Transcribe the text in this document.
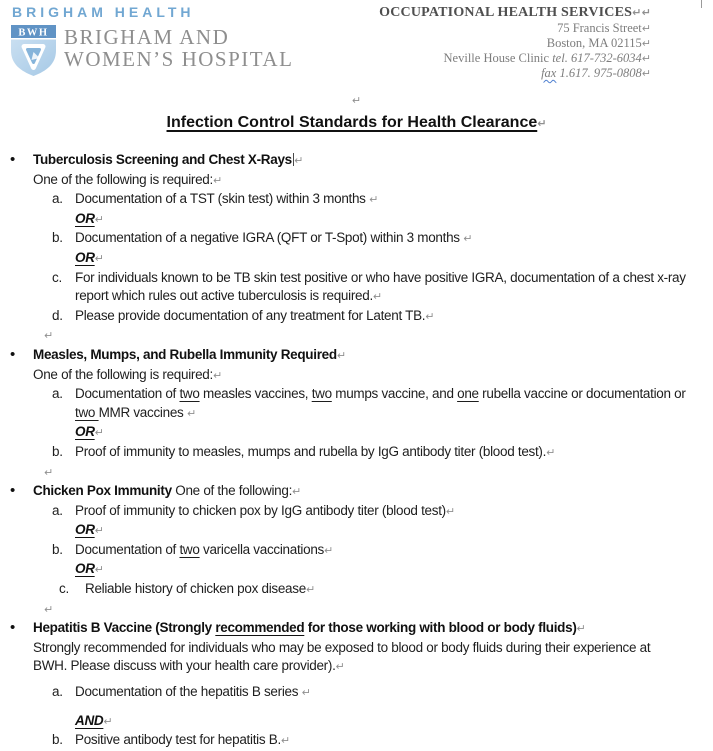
BRIGHAM HEALTH
BWH BRIGHAM AND
WOMEN’S HOSPITAL
OCCUPATIONAL HEALTH SERVICES↵↵
75 Francis Street↵
Boston, MA 02115↵
Neville House Clinic tel. 617-732-6034↵
fax 1.617. 975-0808↵
↵
Infection Control Standards for Health Clearance↵
•	Tuberculosis Screening and Chest X-Rays ↵
One of the following is required:↵
a. Documentation of a TST (skin test) within 3 months ↵
OR↵
b. Documentation of a negative IGRA (QFT or T-Spot) within 3 months ↵
OR↵
c. For individuals known to be TB skin test positive or who have positive IGRA, documentation of a chest x-ray
report which rules out active tuberculosis is required.↵
d. Please provide documentation of any treatment for Latent TB.↵
↵
•	Measles, Mumps, and Rubella Immunity Required↵
One of the following is required:↵
a. Documentation of two measles vaccines, two mumps vaccine, and one rubella vaccine or documentation or
two MMR vaccines ↵
OR↵
b. Proof of immunity to measles, mumps and rubella by IgG antibody titer (blood test).↵
↵
•	Chicken Pox Immunity One of the following:↵
a. Proof of immunity to chicken pox by IgG antibody titer (blood test)↵
OR↵
b. Documentation of two varicella vaccinations↵
OR↵
c.	Reliable history of chicken pox disease↵
↵
•	Hepatitis B Vaccine (Strongly recommended for those working with blood or body fluids)↵
Strongly recommended for individuals who may be exposed to blood or body fluids during their experience at
BWH. Please discuss with your health care provider).↵
a. Documentation of the hepatitis B series ↵
AND↵
b. Positive antibody test for hepatitis B.↵
